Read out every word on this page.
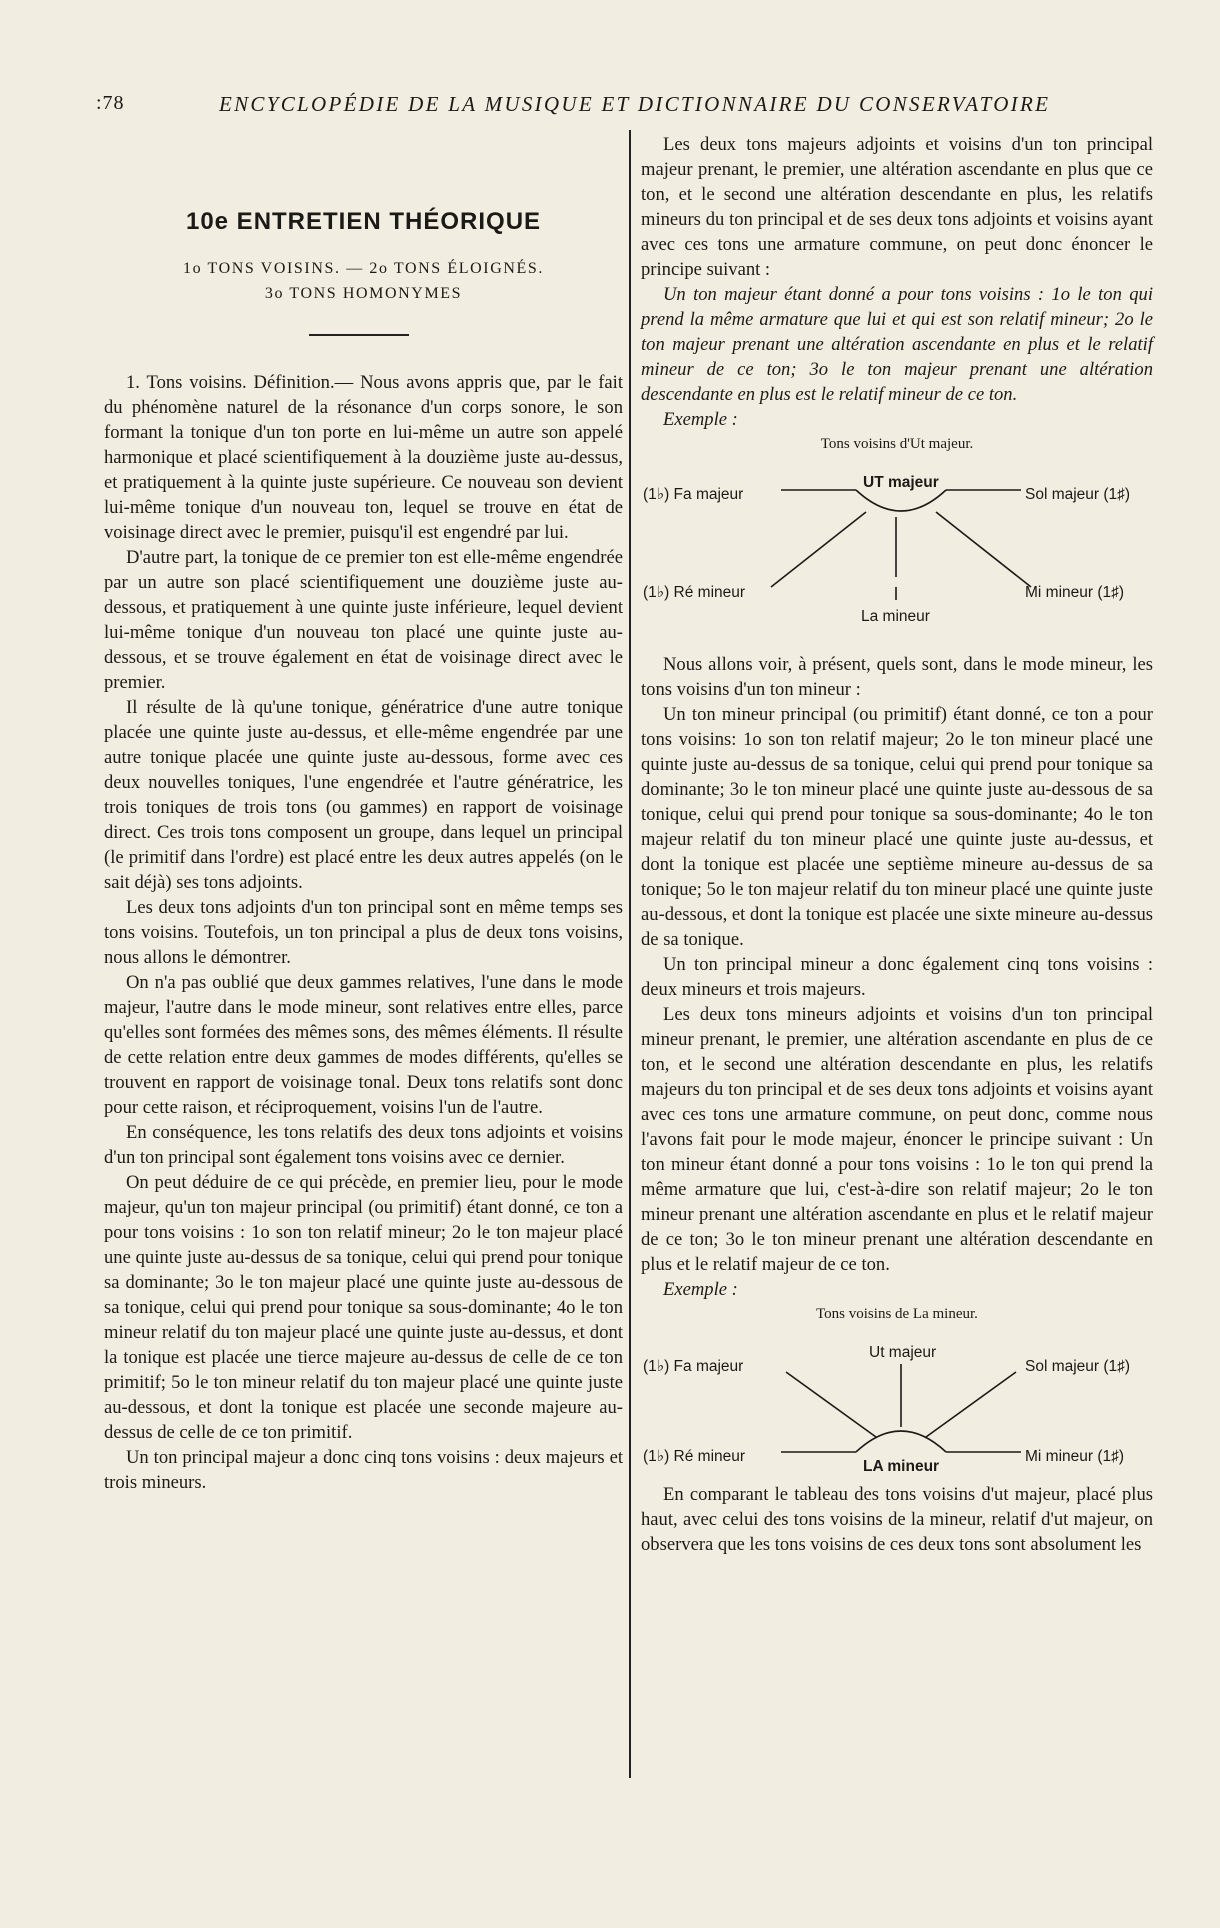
:78	ENCYCLOPÉDIE DE LA MUSIQUE ET DICTIONNAIRE DU CONSERVATOIRE
10e ENTRETIEN THÉORIQUE
1o TONS VOISINS. — 2o TONS ÉLOIGNÉS.
3o TONS HOMONYMES

1. Tons voisins. Définition.— Nous avons appris que, par le fait du phénomène naturel de la résonance d'un corps sonore, le son formant la tonique d'un ton porte en lui-même un autre son appelé harmonique et placé scientifiquement à la douzième juste au-dessus, et pratiquement à la quinte juste supérieure. Ce nouveau son devient lui-même tonique d'un nouveau ton, lequel se trouve en état de voisinage direct avec le premier, puisqu'il est engendré par lui.

D'autre part, la tonique de ce premier ton est elle-même engendrée par un autre son placé scientifiquement une douzième juste au-dessous, et pratiquement à une quinte juste inférieure, lequel devient lui-même tonique d'un nouveau ton placé une quinte juste au-dessous, et se trouve également en état de voisinage direct avec le premier.

Il résulte de là qu'une tonique, génératrice d'une autre tonique placée une quinte juste au-dessus, et elle-même engendrée par une autre tonique placée une quinte juste au-dessous, forme avec ces deux nouvelles toniques, l'une engendrée et l'autre génératrice, les trois toniques de trois tons (ou gammes) en rapport de voisinage direct. Ces trois tons composent un groupe, dans lequel un principal (le primitif dans l'ordre) est placé entre les deux autres appelés (on le sait déjà) ses tons adjoints.

Les deux tons adjoints d'un ton principal sont en même temps ses tons voisins. Toutefois, un ton principal a plus de deux tons voisins, nous allons le démontrer.

On n'a pas oublié que deux gammes relatives, l'une dans le mode majeur, l'autre dans le mode mineur, sont relatives entre elles, parce qu'elles sont formées des mêmes sons, des mêmes éléments. Il résulte de cette relation entre deux gammes de modes différents, qu'elles se trouvent en rapport de voisinage tonal. Deux tons relatifs sont donc pour cette raison, et réciproquement, voisins l'un de l'autre.

En conséquence, les tons relatifs des deux tons adjoints et voisins d'un ton principal sont également tons voisins avec ce dernier.

On peut déduire de ce qui précède, en premier lieu, pour le mode majeur, qu'un ton majeur principal (ou primitif) étant donné, ce ton a pour tons voisins : 1o son ton relatif mineur; 2o le ton majeur placé une quinte juste au-dessus de sa tonique, celui qui prend pour tonique sa dominante; 3o le ton majeur placé une quinte juste au-dessous de sa tonique, celui qui prend pour tonique sa sous-dominante; 4o le ton mineur relatif du ton majeur placé une quinte juste au-dessus, et dont la tonique est placée une tierce majeure au-dessus de celle de ce ton primitif; 5o le ton mineur relatif du ton majeur placé une quinte juste au-dessous, et dont la tonique est placée une seconde majeure au-dessus de celle de ce ton primitif.

Un ton principal majeur a donc cinq tons voisins : deux majeurs et trois mineurs.

Les deux tons majeurs adjoints et voisins d'un ton principal majeur prenant, le premier, une altération ascendante en plus que ce ton, et le second une altération descendante en plus, les relatifs mineurs du ton principal et de ses deux tons adjoints et voisins ayant avec ces tons une armature commune, on peut donc énoncer le principe suivant :

Un ton majeur étant donné a pour tons voisins : 1o le ton qui prend la même armature que lui et qui est son relatif mineur; 2o le ton majeur prenant une altération ascendante en plus et le relatif mineur de ce ton; 3o le ton majeur prenant une altération descendante en plus est le relatif mineur de ce ton.

Exemple :

Tons voisins d'Ut majeur.
UT majeur
(1♭) Fa majeur	Sol majeur (1♯)
(1♭) Ré mineur
La mineur
Mi mineur (1♯)

Nous allons voir, à présent, quels sont, dans le mode mineur, les tons voisins d'un ton mineur :

Un ton mineur principal (ou primitif) étant donné, ce ton a pour tons voisins: 1o son ton relatif majeur; 2o le ton mineur placé une quinte juste au-dessus de sa tonique, celui qui prend pour tonique sa dominante; 3o le ton mineur placé une quinte juste au-dessous de sa tonique, celui qui prend pour tonique sa sous-dominante; 4o le ton majeur relatif du ton mineur placé une quinte juste au-dessus, et dont la tonique est placée une septième mineure au-dessus de sa tonique; 5o le ton majeur relatif du ton mineur placé une quinte juste au-dessous, et dont la tonique est placée une sixte mineure au-dessus de sa tonique.

Un ton principal mineur a donc également cinq tons voisins : deux mineurs et trois majeurs.

Les deux tons mineurs adjoints et voisins d'un ton principal mineur prenant, le premier, une altération ascendante en plus de ce ton, et le second une altération descendante en plus, les relatifs majeurs du ton principal et de ses deux tons adjoints et voisins ayant avec ces tons une armature commune, on peut donc, comme nous l'avons fait pour le mode majeur, énoncer le principe suivant : Un ton mineur étant donné a pour tons voisins : 1o le ton qui prend la même armature que lui, c'est-à-dire son relatif majeur; 2o le ton mineur prenant une altération ascendante en plus et le relatif majeur de ce ton; 3o le ton mineur prenant une altération descendante en plus et le relatif majeur de ce ton.

Exemple :

Tons voisins de La mineur.
Ut majeur
(1♭) Fa majeur	Sol majeur (1♯)
(1♭) Ré mineur
LA mineur
Mi mineur (1♯)

En comparant le tableau des tons voisins d'ut majeur, placé plus haut, avec celui des tons voisins de la mineur, relatif d'ut majeur, on observera que les tons voisins de ces deux tons sont absolument les
